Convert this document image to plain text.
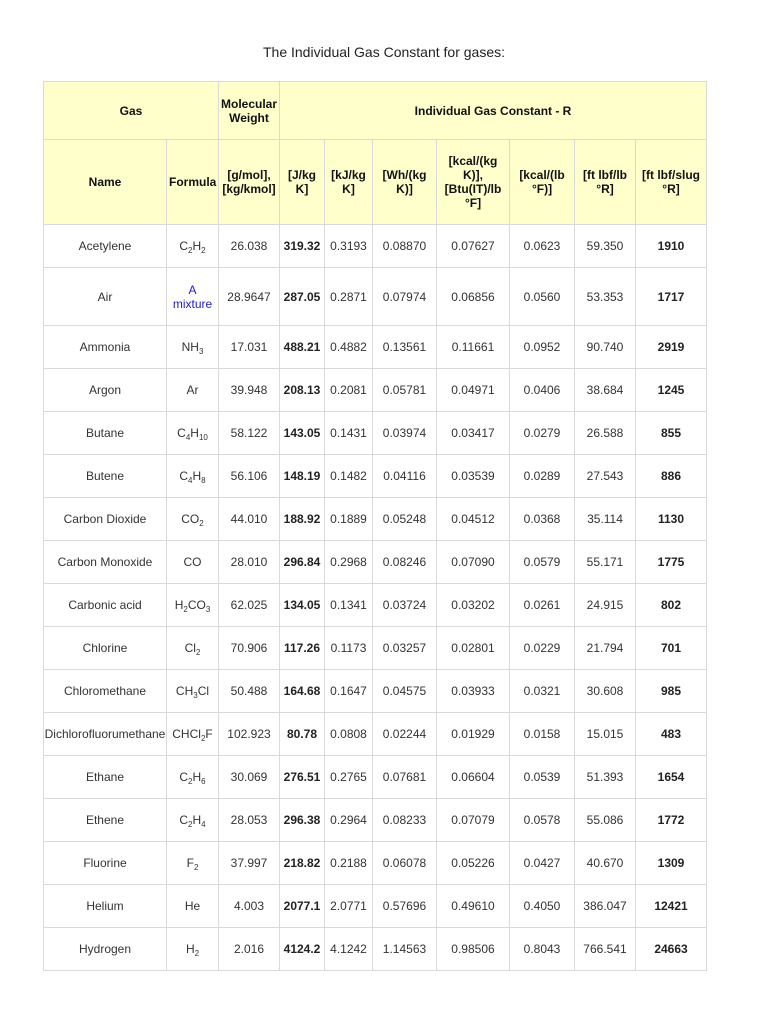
The Individual Gas Constant for gases:
Gas		Molecular Weight	Individual Gas Constant - R						
Name	Formula	[g/mol], [kg/kmol]	[J/kg K]	[kJ/kg K]	[Wh/(kg K)]	[kcal/(kg K)], [Btu(IT)/lb °F]	[kcal/(lb °F)]	[ft lbf/lb °R]	[ft lbf/slug °R]
Acetylene	$C_2H_2$	26.038	319.32	0.3193	0.08870	0.07627	0.0623	59.350	1910
Air	A mixture	28.9647	287.05	0.2871	0.07974	0.06856	0.0560	53.353	1717
Ammonia	$NH_3$	17.031	488.21	0.4882	0.13561	0.11661	0.0952	90.740	2919
Argon	Ar	39.948	208.13	0.2081	0.05781	0.04971	0.0406	38.684	1245
Butane	$C_4H_{10}$	58.122	143.05	0.1431	0.03974	0.03417	0.0279	26.588	855
Butene	$C_4H_8$	56.106	148.19	0.1482	0.04116	0.03539	0.0289	27.543	886
Carbon Dioxide	$CO_2$	44.010	188.92	0.1889	0.05248	0.04512	0.0368	35.114	1130
Carbon Monoxide	CO	28.010	296.84	0.2968	0.08246	0.07090	0.0579	55.171	1775
Carbonic acid	$H_2CO_3$	62.025	134.05	0.1341	0.03724	0.03202	0.0261	24.915	802
Chlorine	$Cl_2$	70.906	117.26	0.1173	0.03257	0.02801	0.0229	21.794	701
Chloromethane	$CH_3Cl$	50.488	164.68	0.1647	0.04575	0.03933	0.0321	30.608	985
Dichlorofluorumethane	CHCl$_2$F	102.923	80.78	0.0808	0.02244	0.01929	0.0158	15.015	483
Ethane	$C_2H_6$	30.069	276.51	0.2765	0.07681	0.06604	0.0539	51.393	1654
Ethene	$C_2H_4$	28.053	296.38	0.2964	0.08233	0.07079	0.0578	55.086	1772
Fluorine	$F_2$	37.997	218.82	0.2188	0.06078	0.05226	0.0427	40.670	1309
Helium	He	4.003	2077.1	2.0771	0.57696	0.49610	0.4050	386.047	12421
Hydrogen	$H_2$	2.016	4124.2	4.1242	1.14563	0.98506	0.8043	766.541	24663
